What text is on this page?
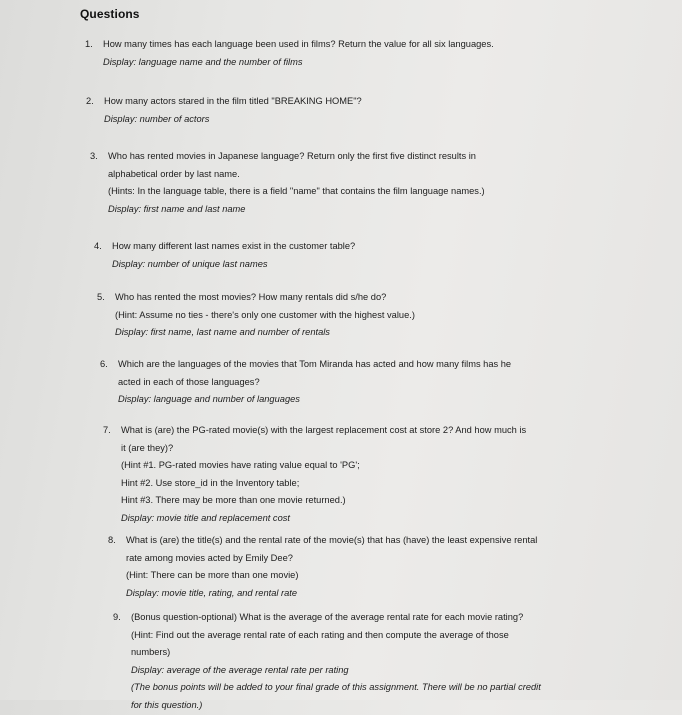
Questions
1. How many times has each language been used in films? Return the value for all six languages.
Display: language name and the number of films
2. How many actors stared in the film titled "BREAKING HOME"?
Display: number of actors
3. Who has rented movies in Japanese language? Return only the first five distinct results in
alphabetical order by last name.
(Hints: In the language table, there is a field "name" that contains the film language names.)
Display: first name and last name
4. How many different last names exist in the customer table?
Display: number of unique last names
5. Who has rented the most movies? How many rentals did s/he do?
(Hint: Assume no ties - there's only one customer with the highest value.)
Display: first name, last name and number of rentals
6. Which are the languages of the movies that Tom Miranda has acted and how many films has he
acted in each of those languages?
Display: language and number of languages
7. What is (are) the PG-rated movie(s) with the largest replacement cost at store 2? And how much is
it (are they)?
(Hint #1. PG-rated movies have rating value equal to 'PG';
Hint #2. Use store_id in the Inventory table;
Hint #3. There may be more than one movie returned.)
Display: movie title and replacement cost
8. What is (are) the title(s) and the rental rate of the movie(s) that has (have) the least expensive rental
rate among movies acted by Emily Dee?
(Hint: There can be more than one movie)
Display: movie title, rating, and rental rate
9. (Bonus question-optional) What is the average of the average rental rate for each movie rating?
(Hint: Find out the average rental rate of each rating and then compute the average of those
numbers)
Display: average of the average rental rate per rating
(The bonus points will be added to your final grade of this assignment. There will be no partial credit
for this question.)
